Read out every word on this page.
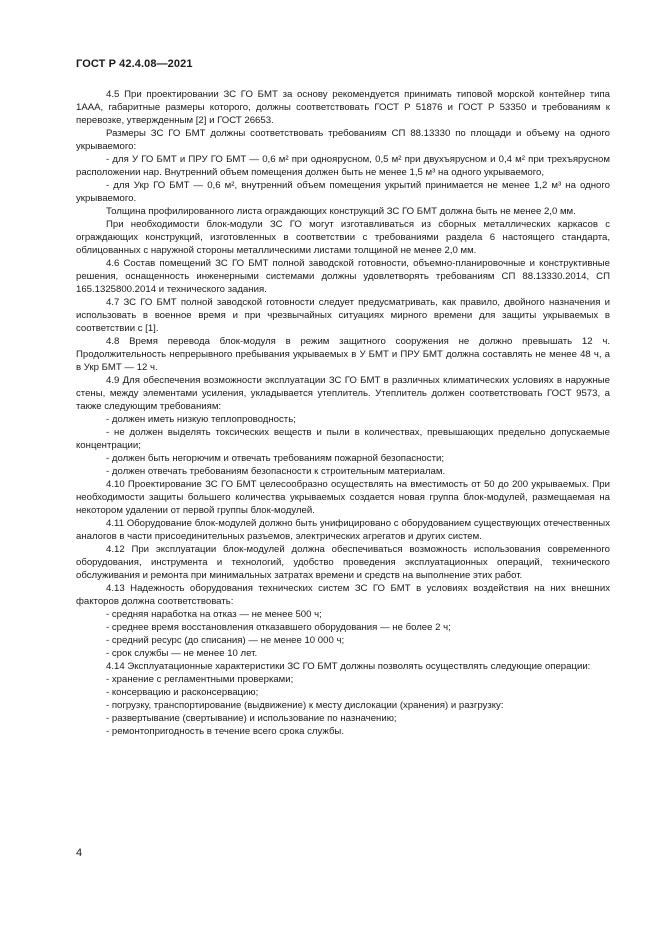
ГОСТ Р 42.4.08—2021

4.5 При проектировании ЗС ГО БМТ за основу рекомендуется принимать типовой морской контейнер типа 1ААА, габаритные размеры которого, должны соответствовать ГОСТ Р 51876 и ГОСТ Р 53350 и требованиям к перевозке, утвержденным [2] и ГОСТ 26653.

Размеры ЗС ГО БМТ должны соответствовать требованиям СП 88.13330 по площади и объему на одного укрываемого:

- для У ГО БМТ и ПРУ ГО БМТ — 0,6 м² при одноярусном, 0,5 м² при двухъярусном и 0,4 м² при трехъярусном расположении нар. Внутренний объем помещения должен быть не менее 1,5 м³ на одного укрываемого,

- для Укр ГО БМТ — 0,6 м², внутренний объем помещения укрытий принимается не менее 1,2 м³ на одного укрываемого.

Толщина профилированного листа ограждающих конструкций ЗС ГО БМТ должна быть не менее 2,0 мм.

При необходимости блок-модули ЗС ГО могут изготавливаться из сборных металлических каркасов с ограждающих конструкций, изготовленных в соответствии с требованиями раздела 6 настоящего стандарта, облицованных с наружной стороны металлическими листами толщиной не менее 2,0 мм.

4.6 Состав помещений ЗС ГО БМТ полной заводской готовности, объемно-планировочные и конструктивные решения, оснащенность инженерными системами должны удовлетворять требованиям СП 88.13330.2014, СП 165.1325800.2014 и технического задания.

4.7 ЗС ГО БМТ полной заводской готовности следует предусматривать, как правило, двойного назначения и использовать в военное время и при чрезвычайных ситуациях мирного времени для защиты укрываемых в соответствии с [1].

4.8 Время перевода блок-модуля в режим защитного сооружения не должно превышать 12 ч. Продолжительность непрерывного пребывания укрываемых в У БМТ и ПРУ БМТ должна составлять не менее 48 ч, а в Укр БМТ — 12 ч.

4.9 Для обеспечения возможности эксплуатации ЗС ГО БМТ в различных климатических условиях в наружные стены, между элементами усиления, укладывается утеплитель. Утеплитель должен соответствовать ГОСТ 9573, а также следующим требованиям:

- должен иметь низкую теплопроводность;

- не должен выделять токсических веществ и пыли в количествах, превышающих предельно допускаемые концентрации;

- должен быть негорючим и отвечать требованиям пожарной безопасности;

- должен отвечать требованиям безопасности к строительным материалам.

4.10 Проектирование ЗС ГО БМТ целесообразно осуществлять на вместимость от 50 до 200 укрываемых. При необходимости защиты большего количества укрываемых создается новая группа блок-модулей, размещаемая на некотором удалении от первой группы блок-модулей.

4.11 Оборудование блок-модулей должно быть унифицировано с оборудованием существующих отечественных аналогов в части присоединительных разъемов, электрических агрегатов и других систем.

4.12 При эксплуатации блок-модулей должна обеспечиваться возможность использования современного оборудования, инструмента и технологий, удобство проведения эксплуатационных операций, технического обслуживания и ремонта при минимальных затратах времени и средств на выполнение этих работ.

4.13 Надежность оборудования технических систем ЗС ГО БМТ в условиях воздействия на них внешних факторов должна соответствовать:

- средняя наработка на отказ — не менее 500 ч;

- среднее время восстановления отказавшего оборудования — не более 2 ч;

- средний ресурс (до списания) — не менее 10 000 ч;

- срок службы — не менее 10 лет.

4.14 Эксплуатационные характеристики ЗС ГО БМТ должны позволять осуществлять следующие операции:

- хранение с регламентными проверками;

- консервацию и расконсервацию;

- погрузку, транспортирование (выдвижение) к месту дислокации (хранения) и разгрузку:

- развертывание (свертывание) и использование по назначению;

- ремонтопригодность в течение всего срока службы.

4
